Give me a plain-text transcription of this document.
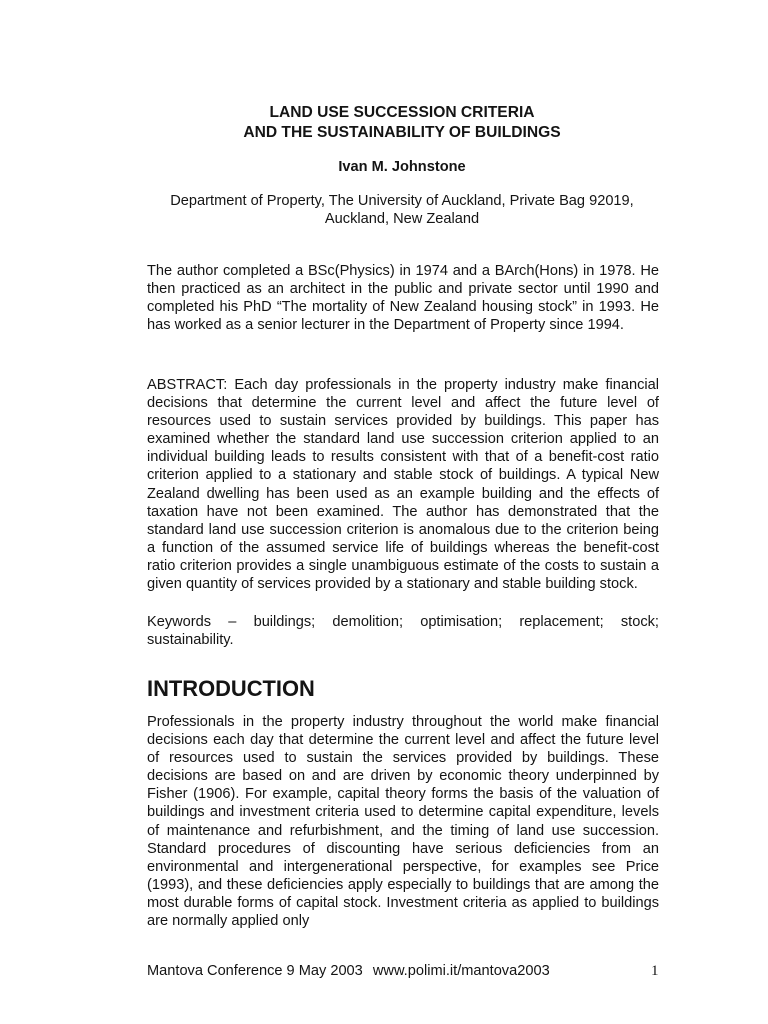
LAND USE SUCCESSION CRITERIA
AND THE SUSTAINABILITY OF BUILDINGS

Ivan M. Johnstone

Department of Property, The University of Auckland, Private Bag 92019,
Auckland, New Zealand

The author completed a BSc(Physics) in 1974 and a BArch(Hons) in 1978. He then practiced as an architect in the public and private sector until 1990 and completed his PhD “The mortality of New Zealand housing stock” in 1993. He has worked as a senior lecturer in the Department of Property since 1994.

ABSTRACT: Each day professionals in the property industry make financial decisions that determine the current level and affect the future level of resources used to sustain services provided by buildings. This paper has examined whether the standard land use succession criterion applied to an individual building leads to results consistent with that of a benefit-cost ratio criterion applied to a stationary and stable stock of buildings. A typical New Zealand dwelling has been used as an example building and the effects of taxation have not been examined. The author has demonstrated that the standard land use succession criterion is anomalous due to the criterion being a function of the assumed service life of buildings whereas the benefit-cost ratio criterion provides a single unambiguous estimate of the costs to sustain a given quantity of services provided by a stationary and stable building stock.

Keywords – buildings; demolition; optimisation; replacement; stock; sustainability.

INTRODUCTION

Professionals in the property industry throughout the world make financial decisions each day that determine the current level and affect the future level of resources used to sustain the services provided by buildings. These decisions are based on and are driven by economic theory underpinned by Fisher (1906). For example, capital theory forms the basis of the valuation of buildings and investment criteria used to determine capital expenditure, levels of maintenance and refurbishment, and the timing of land use succession. Standard procedures of discounting have serious deficiencies from an environmental and intergenerational perspective, for examples see Price (1993), and these deficiencies apply especially to buildings that are among the most durable forms of capital stock. Investment criteria as applied to buildings are normally applied only

Mantova Conference 9 May 2003 www.polimi.it/mantova2003	1
